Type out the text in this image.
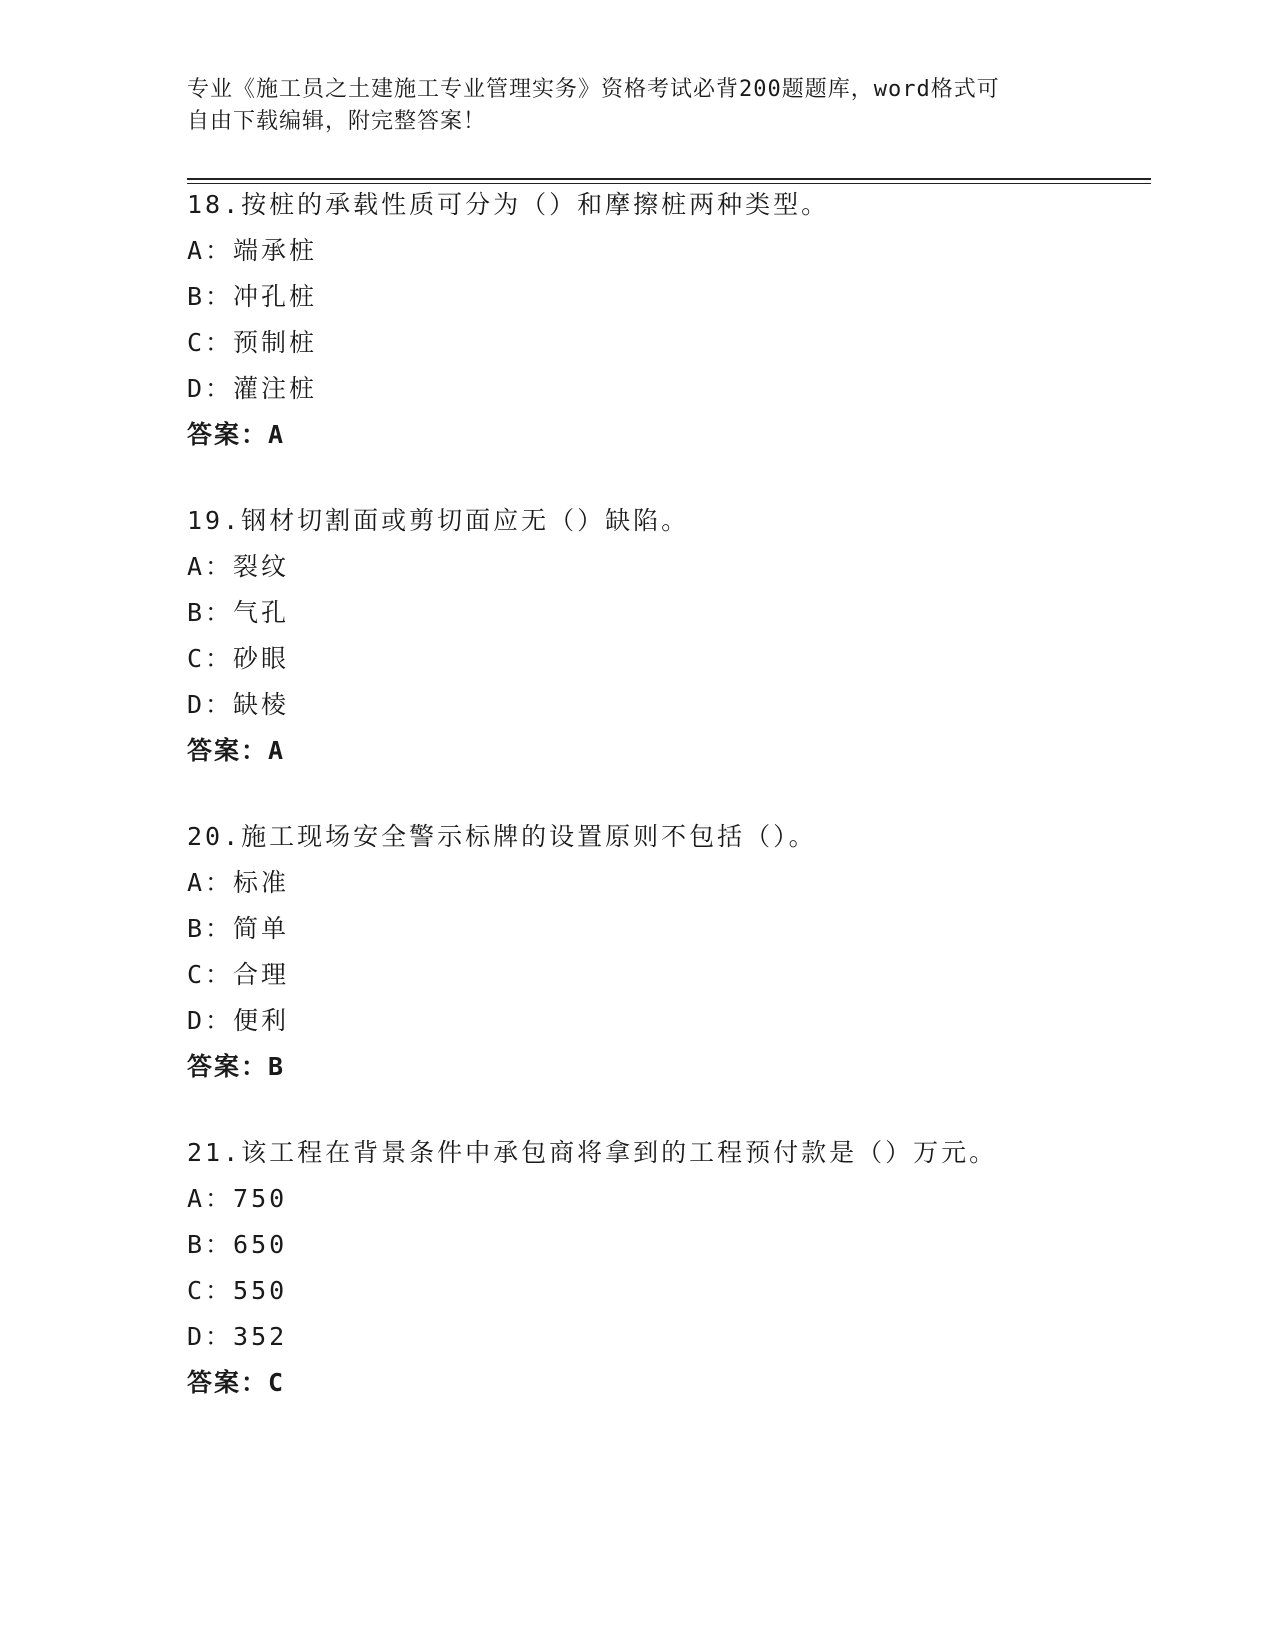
专业《施工员之土建施工专业管理实务》资格考试必背200题题库，word格式可
自由下载编辑，附完整答案！
18.按桩的承载性质可分为（）和摩擦桩两种类型。
A：端承桩
B：冲孔桩
C：预制桩
D：灌注桩
答案：A
19.钢材切割面或剪切面应无（）缺陷。
A：裂纹
B：气孔
C：砂眼
D：缺棱
答案：A
20.施工现场安全警示标牌的设置原则不包括（）。
A：标准
B：简单
C：合理
D：便利
答案：B
21.该工程在背景条件中承包商将拿到的工程预付款是（）万元。
A：750
B：650
C：550
D：352
答案：C
